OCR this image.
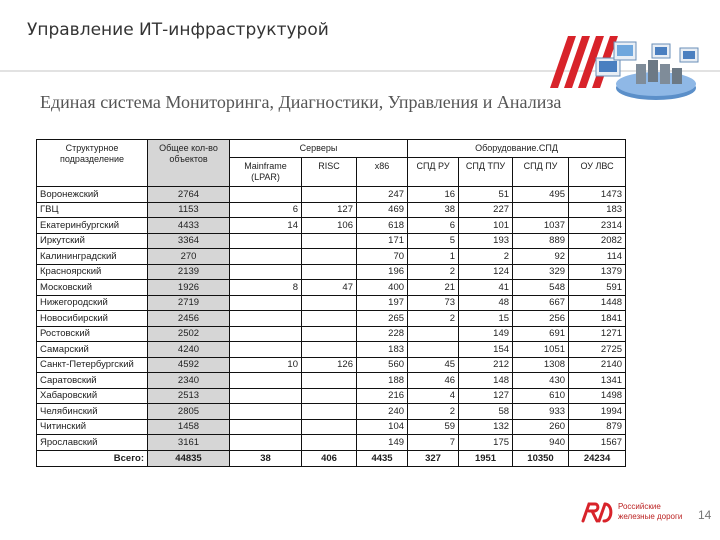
Управление ИТ-инфраструктурой
Единая система Мониторинга, Диагностики, Управления и Анализа
Структурное подразделение	Общее кол-во объектов	Серверы			Оборудование.СПД			
		Mainframe (LPAR)	RISC	x86	СПД РУ	СПД ТПУ	СПД ПУ	ОУ ЛВС
Воронежский	2764			247	16	51	495	1473
ГВЦ	1153	6	127	469	38	227		183
Екатеринбургский	4433	14	106	618	6	101	1037	2314
Иркутский	3364			171	5	193	889	2082
Калининградский	270			70	1	2	92	114
Красноярский	2139			196	2	124	329	1379
Московский	1926	8	47	400	21	41	548	591
Нижегородский	2719			197	73	48	667	1448
Новосибирский	2456			265	2	15	256	1841
Ростовский	2502			228		149	691	1271
Самарский	4240			183		154	1051	2725
Санкт-Петербургский	4592	10	126	560	45	212	1308	2140
Саратовский	2340			188	46	148	430	1341
Хабаровский	2513			216	4	127	610	1498
Челябинский	2805			240	2	58	933	1994
Читинский	1458			104	59	132	260	879
Ярославский	3161			149	7	175	940	1567
Всего:	44835	38	406	4435	327	1951	10350	24234
Российские железные дороги	14
